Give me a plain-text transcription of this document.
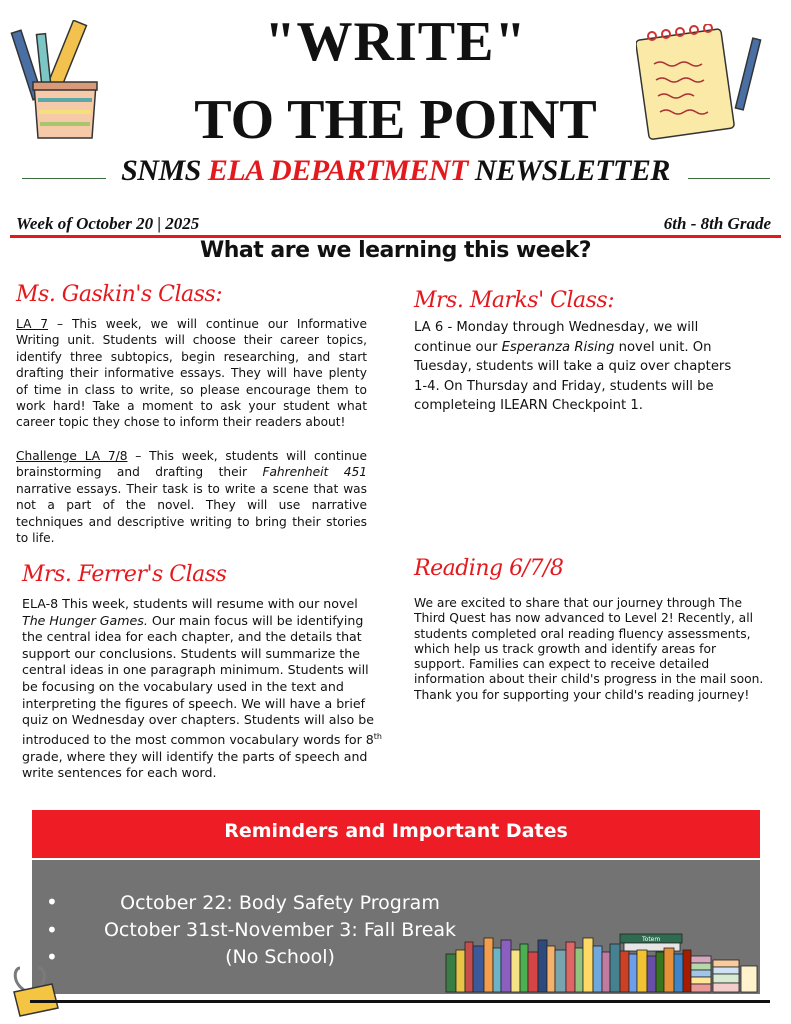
"WRITE"
TO THE POINT
SNMS ELA DEPARTMENT NEWSLETTER
Week of October 20 | 2025	6th - 8th Grade
What are we learning this week?
Ms. Gaskin's Class:
LA 7 – This week, we will continue our Informative Writing unit. Students will choose their career topics, identify three subtopics, begin researching, and start drafting their informative essays. They will have plenty of time in class to write, so please encourage them to work hard! Take a moment to ask your student what career topic they chose to inform their readers about!
Challenge LA 7/8 – This week, students will continue brainstorming and drafting their Fahrenheit 451 narrative essays. Their task is to write a scene that was not a part of the novel. They will use narrative techniques and descriptive writing to bring their stories to life.
Mrs. Marks' Class:
LA 6 - Monday through Wednesday, we will continue our Esperanza Rising novel unit. On Tuesday, students will take a quiz over chapters 1-4. On Thursday and Friday, students will be completeing ILEARN Checkpoint 1.
Mrs. Ferrer's Class
ELA-8 This week, students will resume with our novel The Hunger Games. Our main focus will be identifying the central idea for each chapter, and the details that support our conclusions. Students will summarize the central ideas in one paragraph minimum. Students will be focusing on the vocabulary used in the text and interpreting the figures of speech. We will have a brief quiz on Wednesday over chapters. Students will also be introduced to the most common vocabulary words for 8th grade, where they will identify the parts of speech and write sentences for each word.
Reading 6/7/8
We are excited to share that our journey through The Third Quest has now advanced to Level 2! Recently, all students completed oral reading fluency assessments, which help us track growth and identify areas for support. Families can expect to receive detailed information about their child's progress in the mail soon. Thank you for supporting your child's reading journey!
Reminders and Important Dates
•
•
•
October 22: Body Safety Program
October 31st-November 3: Fall Break
(No School)
Totem
